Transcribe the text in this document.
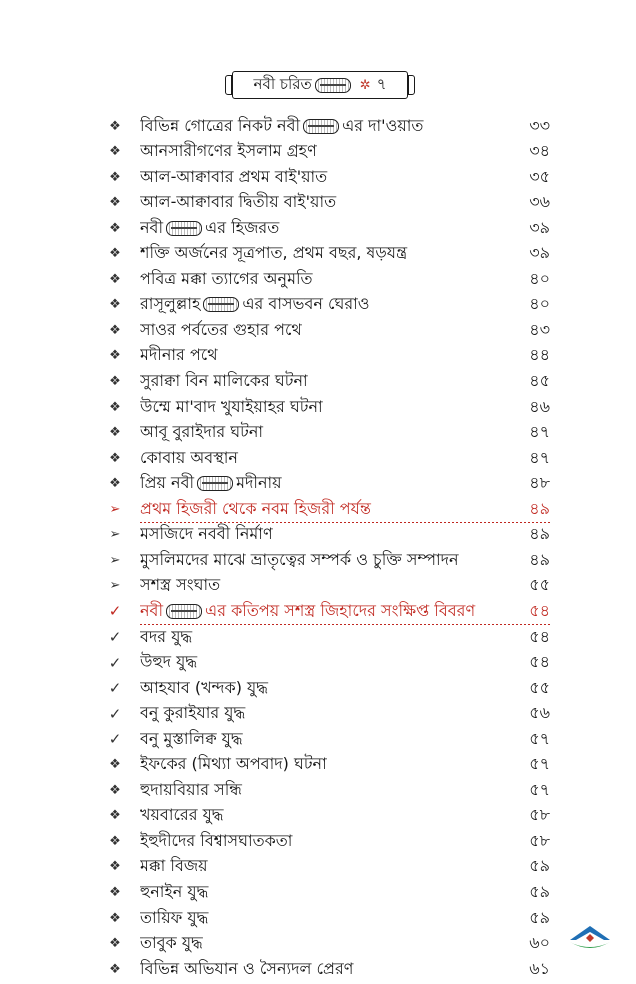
নবী চরিত	✲ ৭
❖ বিভিন্ন গোত্রের নিকট নবী	এর দা'ওয়াত	৩৩
❖ আনসারীগণের ইসলাম গ্রহণ	৩৪
❖ আল-আক্বাবার প্রথম বাই'য়াত	৩৫
❖ আল-আক্বাবার দ্বিতীয় বাই'য়াত	৩৬
❖ নবী	এর হিজরত	৩৯
❖ শক্তি অর্জনের সূত্রপাত, প্রথম বছর, ষড়যন্ত্র	৩৯
❖ পবিত্র মক্কা ত্যাগের অনুমতি	৪০
❖ রাসূলুল্লাহ	এর বাসভবন ঘেরাও	৪০
❖ সাওর পর্বতের গুহার পথে	৪৩
❖ মদীনার পথে	৪৪
❖ সুরাক্বা বিন মালিকের ঘটনা	৪৫
❖ উম্মে মা'বাদ খুযাইয়াহর ঘটনা	৪৬
❖ আবূ বুরাইদার ঘটনা	৪৭
❖ কোবায় অবস্থান	৪৭
❖ প্রিয় নবী	মদীনায়	৪৮
➢ প্রথম হিজরী থেকে নবম হিজরী পর্যন্ত	৪৯
➢ মসজিদে নববী নির্মাণ	৪৯
➢ মুসলিমদের মাঝে ভ্রাতৃত্বের সম্পর্ক ও চুক্তি সম্পাদন	৪৯
➢ সশস্ত্র সংঘাত	৫৫
✓ নবী	এর কতিপয় সশস্ত্র জিহাদের সংক্ষিপ্ত বিবরণ	৫৪
✓ বদর যুদ্ধ	৫৪
✓ উহুদ যুদ্ধ	৫৪
✓ আহযাব (খন্দক) যুদ্ধ	৫৫
✓ বনু কুরাইযার যুদ্ধ	৫৬
✓ বনু মুস্তালিক্ব যুদ্ধ	৫৭
❖ ইফকের (মিথ্যা অপবাদ) ঘটনা	৫৭
❖ হুদায়বিয়ার সন্ধি	৫৭
❖ খয়বারের যুদ্ধ	৫৮
❖ ইহুদীদের বিশ্বাসঘাতকতা	৫৮
❖ মক্কা বিজয়	৫৯
❖ হুনাইন যুদ্ধ	৫৯
❖ তায়িফ যুদ্ধ	৫৯
❖ তাবুক যুদ্ধ	৬০
❖ বিভিন্ন অভিযান ও সৈন্যদল প্রেরণ	৬১
